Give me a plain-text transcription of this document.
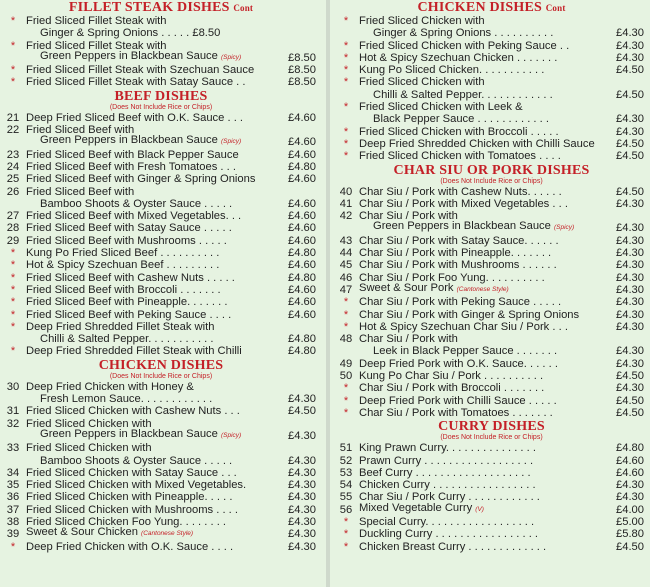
FILLET STEAK DISHES Cont
* Fried Sliced Fillet Steak with
Ginger & Spring Onions . . . . . £8.50
* Fried Sliced Fillet Steak with
Green Peppers in Blackbean Sauce (Spicy)	£8.50
* Fried Sliced Fillet Steak with Szechuan Sauce	£8.50
* Fried Sliced Fillet Steak with Satay Sauce . .	£8.50
BEEF DISHES
(Does Not Include Rice or Chips)
21 Deep Fried Sliced Beef with O.K. Sauce . . .	£4.60
22 Fried Sliced Beef with
Green Peppers in Blackbean Sauce (Spicy)	£4.60
23 Fried Sliced Beef with Black Pepper Sauce	£4.60
24 Fried Sliced Beef with Fresh Tomatoes . . .	£4.80
25 Fried Sliced Beef with Ginger & Spring Onions	£4.60
26 Fried Sliced Beef with
Bamboo Shoots & Oyster Sauce . . . . .	£4.60
27 Fried Sliced Beef with Mixed Vegetables. . .	£4.60
28 Fried Sliced Beef with Satay Sauce . . . . .	£4.60
29 Fried Sliced Beef with Mushrooms . . . . .	£4.60
* Kung Po Fried Sliced Beef . . . . . . . . . .	£4.80
* Hot & Spicy Szechuan Beef . . . . . . . . .	£4.60
* Fried Sliced Beef with Cashew Nuts . . . . .	£4.80
* Fried Sliced Beef with Broccoli . . . . . . .	£4.60
* Fried Sliced Beef with Pineapple. . . . . . .	£4.60
* Fried Sliced Beef with Peking Sauce . . . .	£4.60
* Deep Fried Shredded Fillet Steak with
Chilli & Salted Pepper. . . . . . . . . . .	£4.80
* Deep Fried Shredded Fillet Steak with Chilli	£4.80
CHICKEN DISHES
(Does Not Include Rice or Chips)
30 Deep Fried Chicken with Honey &
Fresh Lemon Sauce. . . . . . . . . . . .	£4.30
31 Fried Sliced Chicken with Cashew Nuts . . .	£4.50
32 Fried Sliced Chicken with
Green Peppers in Blackbean Sauce (Spicy)	£4.30
33 Fried Sliced Chicken with
Bamboo Shoots & Oyster Sauce . . . . .	£4.30
34 Fried Sliced Chicken with Satay Sauce . . .	£4.30
35 Fried Sliced Chicken with Mixed Vegetables.	£4.30
36 Fried Sliced Chicken with Pineapple. . . . .	£4.30
37 Fried Sliced Chicken with Mushrooms . . . .	£4.30
38 Fried Sliced Chicken Foo Yung. . . . . . . .	£4.30
39 Sweet & Sour Chicken (Cantonese Style)	£4.30
* Deep Fried Chicken with O.K. Sauce . . . .	£4.30
CHICKEN DISHES Cont
* Fried Sliced Chicken with
Ginger & Spring Onions . . . . . . . . . .	£4.30
* Fried Sliced Chicken with Peking Sauce . .	£4.30
* Hot & Spicy Szechuan Chicken . . . . . . .	£4.30
* Kung Po Sliced Chicken. . . . . . . . . . .	£4.50
* Fried Sliced Chicken with
Chilli & Salted Pepper. . . . . . . . . . . .	£4.50
* Fried Sliced Chicken with Leek &
Black Pepper Sauce . . . . . . . . . . . .	£4.30
* Fried Sliced Chicken with Broccoli . . . . .	£4.30
* Deep Fried Shredded Chicken with Chilli Sauce	£4.50
* Fried Sliced Chicken with Tomatoes . . . .	£4.50
CHAR SIU OR PORK DISHES
(Does Not Include Rice or Chips)
40 Char Siu / Pork with Cashew Nuts. . . . . .	£4.50
41 Char Siu / Pork with Mixed Vegetables . . .	£4.30
42 Char Siu / Pork with
Green Peppers in Blackbean Sauce (Spicy)	£4.30
43 Char Siu / Pork with Satay Sauce. . . . . .	£4.30
44 Char Siu / Pork with Pineapple. . . . . . .	£4.30
45 Char Siu / Pork with Mushrooms . . . . . .	£4.30
46 Char Siu / Pork Foo Yung. . . . . . . . . .	£4.30
47 Sweet & Sour Pork (Cantonese Style)	£4.30
* Char Siu / Pork with Peking Sauce . . . . .	£4.30
* Char Siu / Pork with Ginger & Spring Onions	£4.30
* Hot & Spicy Szechuan Char Siu / Pork . . .	£4.30
48 Char Siu / Pork with
Leek in Black Pepper Sauce . . . . . . .	£4.30
49 Deep Fried Pork with O.K. Sauce. . . . . .	£4.30
50 Kung Po Char Siu / Pork . . . . . . . . . .	£4.50
* Char Siu / Pork with Broccoli . . . . . . .	£4.30
* Deep Fried Pork with Chilli Sauce . . . . .	£4.50
* Char Siu / Pork with Tomatoes . . . . . . .	£4.50
CURRY DISHES
(Does Not Include Rice or Chips)
51 King Prawn Curry. . . . . . . . . . . . . . .	£4.80
52 Prawn Curry . . . . . . . . . . . . . . . . . .	£4.60
53 Beef Curry . . . . . . . . . . . . . . . . . . .	£4.60
54 Chicken Curry . . . . . . . . . . . . . . . . .	£4.30
55 Char Siu / Pork Curry . . . . . . . . . . . .	£4.30
56 Mixed Vegetable Curry (V)	£4.00
* Special Curry. . . . . . . . . . . . . . . . . .	£5.00
* Duckling Curry . . . . . . . . . . . . . . . . .	£5.80
* Chicken Breast Curry . . . . . . . . . . . . .	£4.50
